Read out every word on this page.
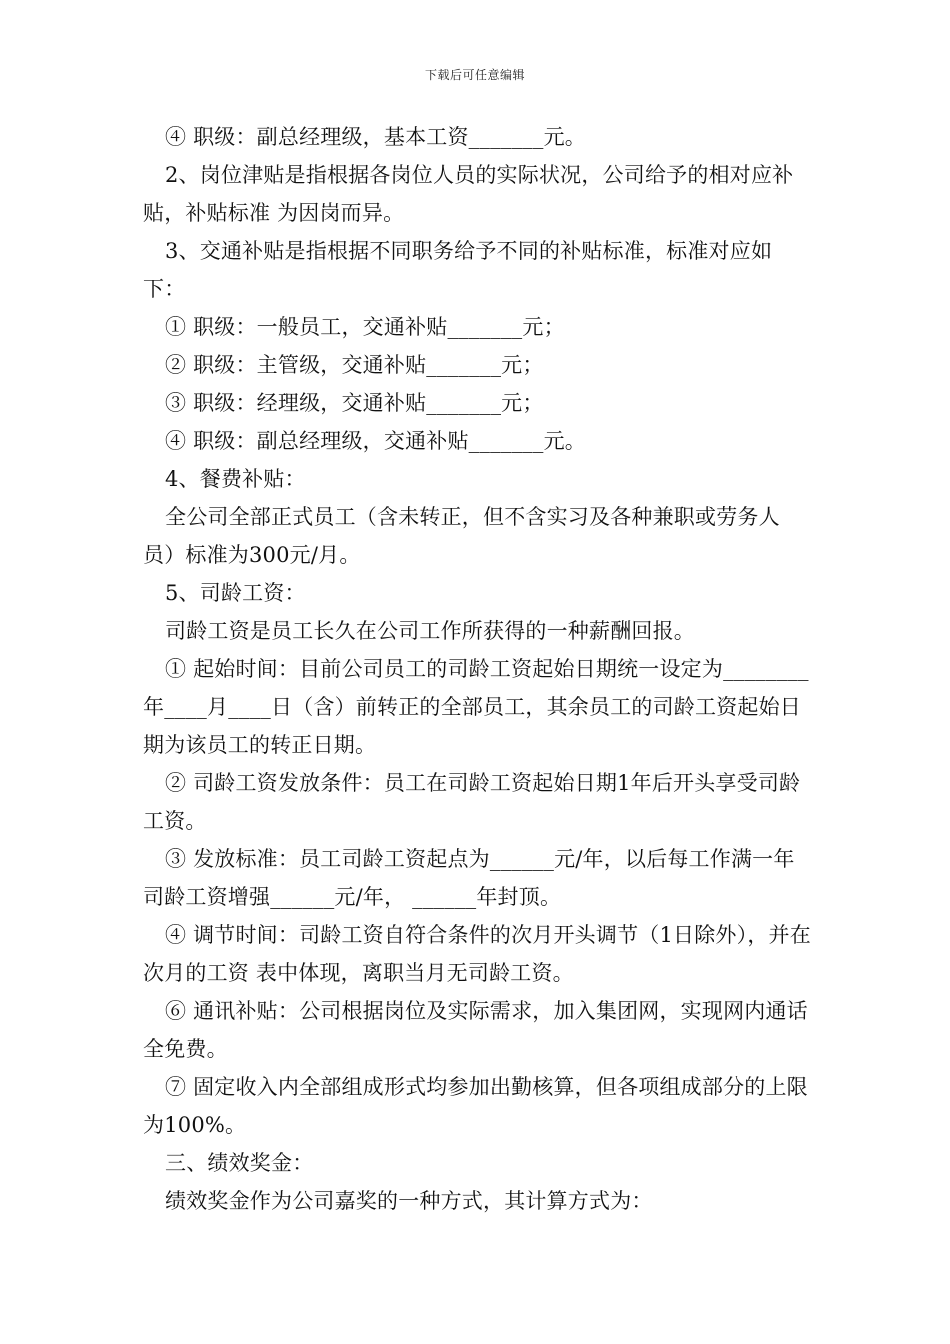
下载后可任意编辑

④ 职级：副总经理级，基本工资_______元。

2、岗位津贴是指根据各岗位人员的实际状况，公司给予的相对应补贴，补贴标准 为因岗而异。

3、交通补贴是指根据不同职务给予不同的补贴标准，标准对应如下：

① 职级：一般员工，交通补贴_______元；

② 职级：主管级，交通补贴_______元；

③ 职级：经理级，交通补贴_______元；

④ 职级：副总经理级，交通补贴_______元。

4、餐费补贴：

全公司全部正式员工（含未转正，但不含实习及各种兼职或劳务人员）标准为300元/月。

5、司龄工资：

司龄工资是员工长久在公司工作所获得的一种薪酬回报。

① 起始时间：目前公司员工的司龄工资起始日期统一设定为________年____月____日（含）前转正的全部员工，其余员工的司龄工资起始日期为该员工的转正日期。

② 司龄工资发放条件：员工在司龄工资起始日期1年后开头享受司龄工资。

③ 发放标准：员工司龄工资起点为______元/年，以后每工作满一年司龄工资增强______元/年， ______年封顶。

④ 调节时间：司龄工资自符合条件的次月开头调节（1日除外），并在次月的工资 表中体现，离职当月无司龄工资。

⑥ 通讯补贴：公司根据岗位及实际需求，加入集团网，实现网内通话全免费。

⑦ 固定收入内全部组成形式均参加出勤核算，但各项组成部分的上限为100%。

三、绩效奖金：

绩效奖金作为公司嘉奖的一种方式，其计算方式为：
